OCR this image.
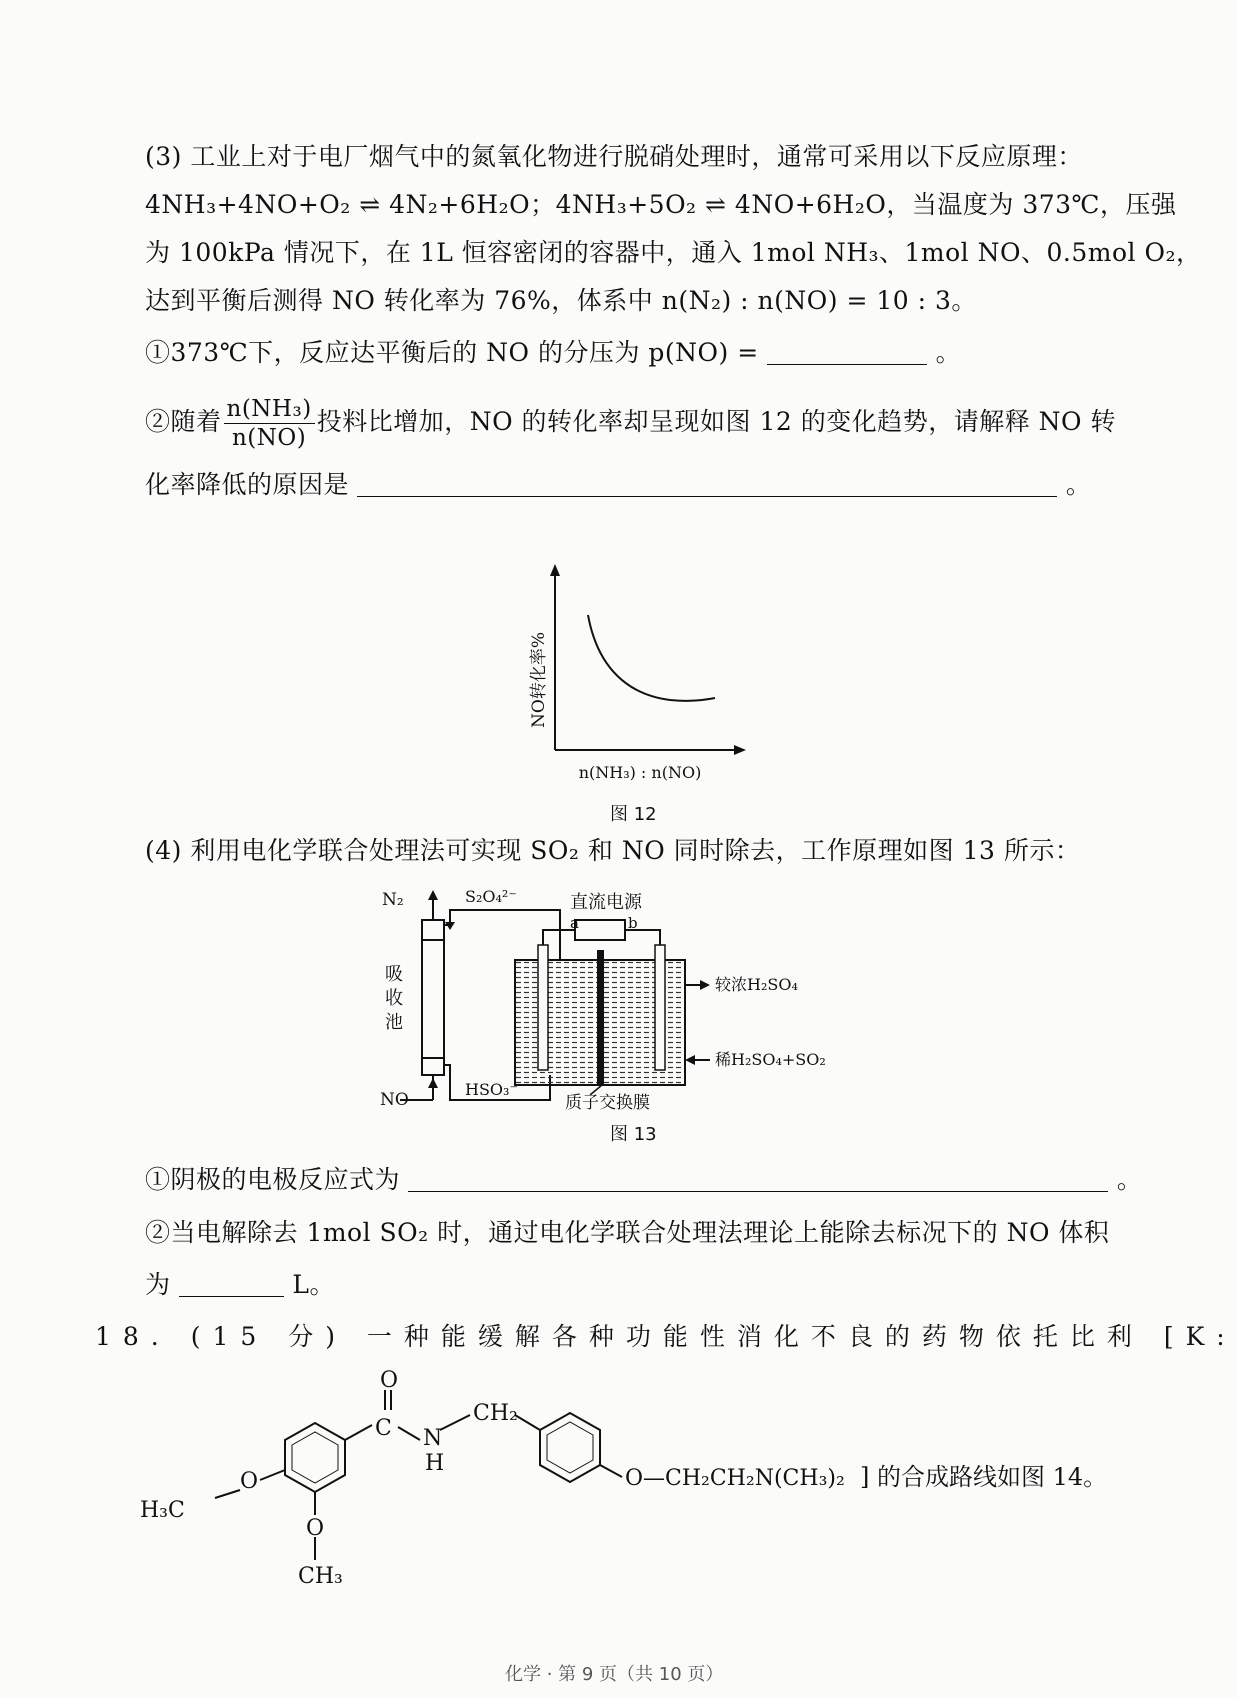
(3) 工业上对于电厂烟气中的氮氧化物进行脱硝处理时，通常可采用以下反应原理：
4NH₃+4NO+O₂ ⇌ 4N₂+6H₂O；4NH₃+5O₂ ⇌ 4NO+6H₂O，当温度为 373℃，压强
为 100kPa 情况下，在 1L 恒容密闭的容器中，通入 1mol NH₃、1mol NO、0.5mol O₂，
达到平衡后测得 NO 转化率为 76%，体系中 n(N₂) : n(NO) = 10 : 3。
①373℃下，反应达平衡后的 NO 的分压为 p(NO) =	。
②随着 $\frac{\text{n(NH₃)}}{n(NO)}$ 投料比增加，NO 的转化率却呈现如图 12 的变化趋势，请解释 NO 转
化率降低的原因是	。
NO转化率%
n(NH₃) : n(NO)
图 12
(4) 利用电化学联合处理法可实现 SO₂ 和 NO 同时除去，工作原理如图 13 所示：
N₂	S₂O₄²⁻	直流电源
a	b
吸
收
池
较浓H₂SO₄
稀H₂SO₄+SO₂
NO
HSO₃⁻
质子交换膜
图 13
①阴极的电极反应式为	。
②当电解除去 1mol SO₂ 时，通过电化学联合处理法理论上能除去标况下的 NO 体积
为	L。
18. (15 分) 一种能缓解各种功能性消化不良的药物依托比利 [K:
O
C N
H
CH₂
O—CH₂CH₂N(CH₃)₂
O
H₃C
O
CH₃
] 的合成路线如图 14。
化学 · 第 9 页（共 10 页）
